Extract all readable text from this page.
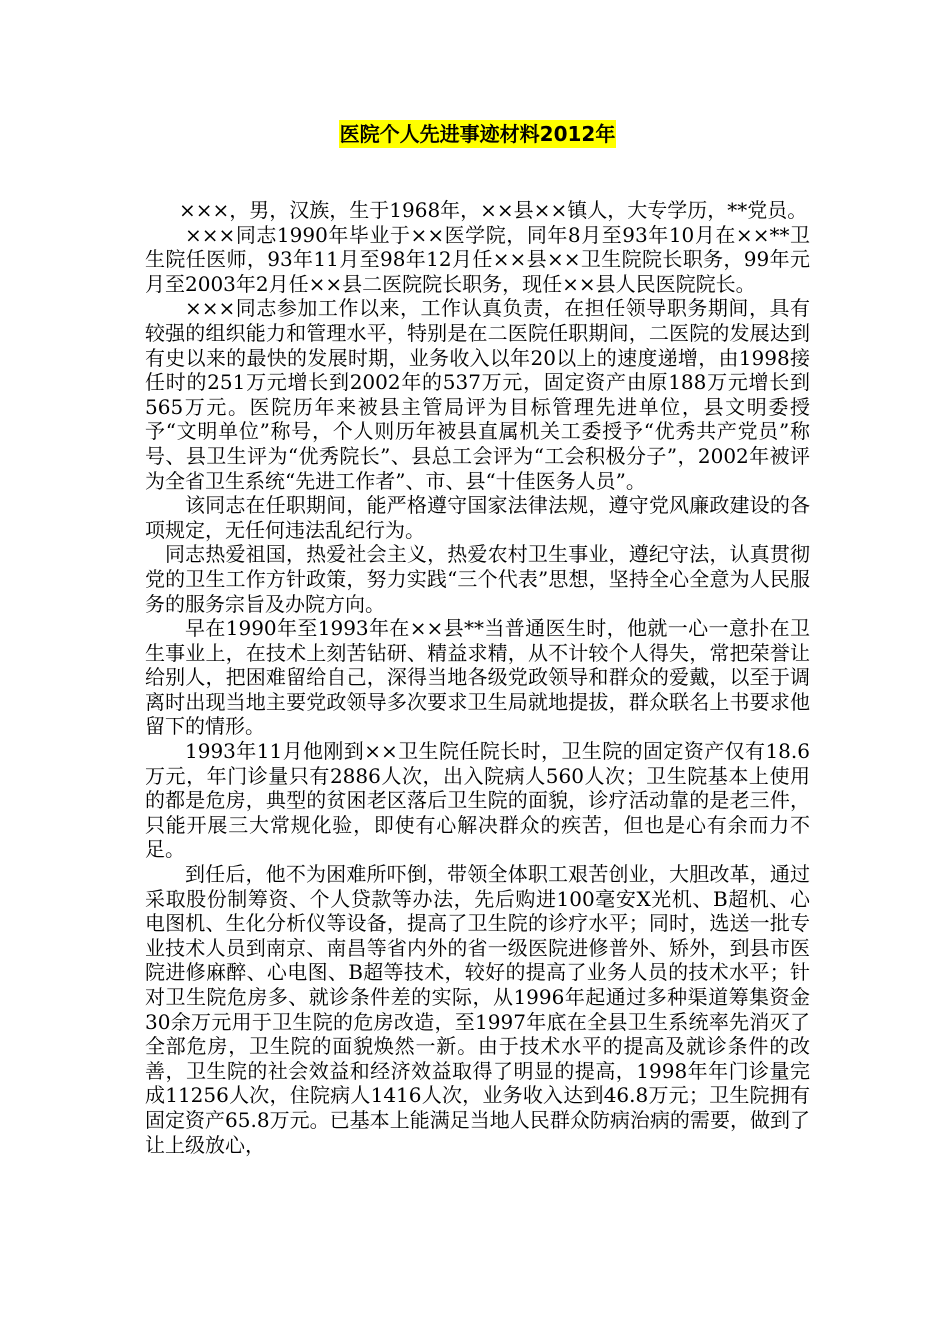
医院个人先进事迹材料2012年

×××，男，汉族，生于1968年，××县××镇人，大专学历，**党员。

×××同志1990年毕业于××医学院，同年8月至93年10月在××**卫生院任医师，93年11月至98年12月任××县××卫生院院长职务，99年元月至2003年2月任××县二医院院长职务，现任××县人民医院院长。

×××同志参加工作以来，工作认真负责，在担任领导职务期间，具有较强的组织能力和管理水平，特别是在二医院任职期间，二医院的发展达到有史以来的最快的发展时期，业务收入以年20以上的速度递增，由1998接任时的251万元增长到2002年的537万元，固定资产由原188万元增长到565万元。医院历年来被县主管局评为目标管理先进单位，县文明委授予“文明单位”称号，个人则历年被县直属机关工委授予“优秀共产党员”称号、县卫生评为“优秀院长”、县总工会评为“工会积极分子”，2002年被评为全省卫生系统“先进工作者”、市、县“十佳医务人员”。

该同志在任职期间，能严格遵守国家法律法规，遵守党风廉政建设的各项规定，无任何违法乱纪行为。

同志热爱祖国，热爱社会主义，热爱农村卫生事业，遵纪守法，认真贯彻党的卫生工作方针政策，努力实践“三个代表”思想，坚持全心全意为人民服务的服务宗旨及办院方向。

早在1990年至1993年在××县**当普通医生时，他就一心一意扑在卫生事业上，在技术上刻苦钻研、精益求精，从不计较个人得失，常把荣誉让给别人，把困难留给自己，深得当地各级党政领导和群众的爱戴，以至于调离时出现当地主要党政领导多次要求卫生局就地提拔，群众联名上书要求他留下的情形。

1993年11月他刚到××卫生院任院长时，卫生院的固定资产仅有18.6万元，年门诊量只有2886人次，出入院病人560人次；卫生院基本上使用的都是危房，典型的贫困老区落后卫生院的面貌，诊疗活动靠的是老三件，只能开展三大常规化验，即使有心解决群众的疾苦，但也是心有余而力不足。

到任后，他不为困难所吓倒，带领全体职工艰苦创业，大胆改革，通过采取股份制筹资、个人贷款等办法，先后购进100毫安X光机、B超机、心电图机、生化分析仪等设备，提高了卫生院的诊疗水平；同时，选送一批专业技术人员到南京、南昌等省内外的省一级医院进修普外、矫外，到县市医院进修麻醉、心电图、B超等技术，较好的提高了业务人员的技术水平；针对卫生院危房多、就诊条件差的实际，从1996年起通过多种渠道筹集资金30余万元用于卫生院的危房改造，至1997年底在全县卫生系统率先消灭了全部危房，卫生院的面貌焕然一新。由于技术水平的提高及就诊条件的改善，卫生院的社会效益和经济效益取得了明显的提高，1998年年门诊量完成11256人次，住院病人1416人次，业务收入达到46.8万元；卫生院拥有固定资产65.8万元。已基本上能满足当地人民群众防病治病的需要，做到了让上级放心，
